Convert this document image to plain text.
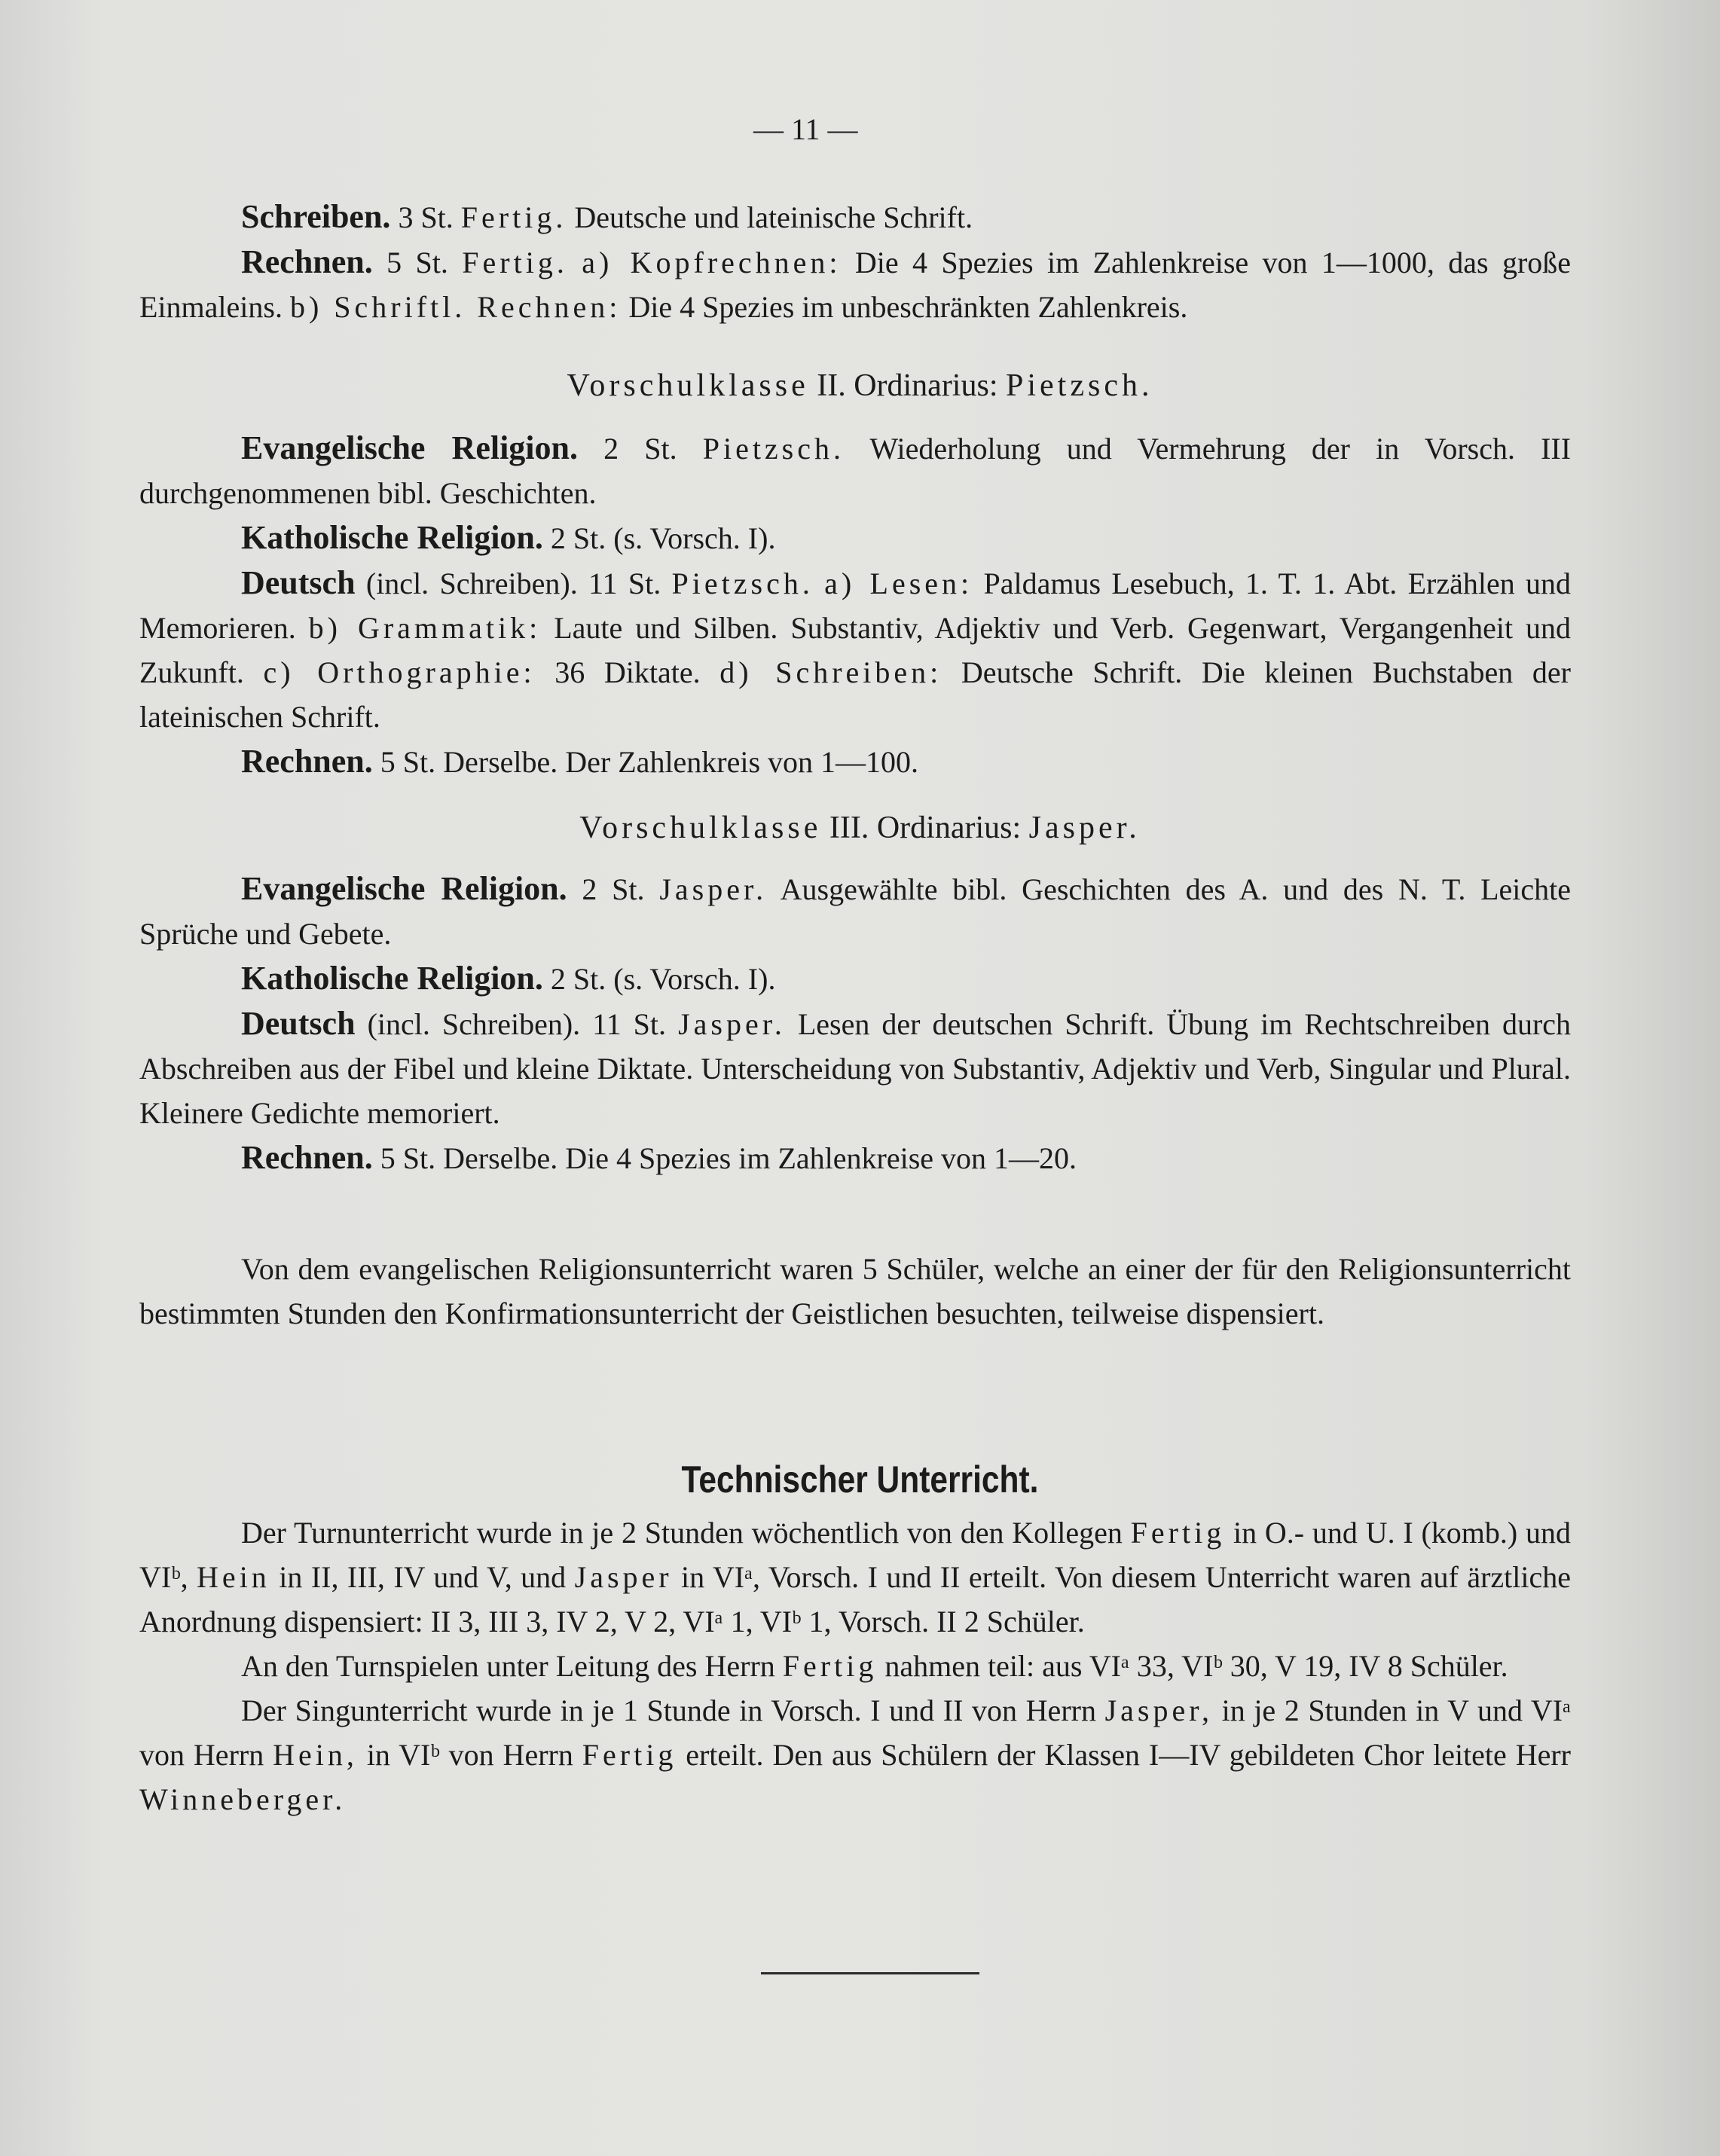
— 11 —

Schreiben. 3 St. Fertig. Deutsche und lateinische Schrift.

Rechnen. 5 St. Fertig. a) Kopfrechnen: Die 4 Spezies im Zahlenkreise von 1—1000, das große Einmaleins. b) Schriftl. Rechnen: Die 4 Spezies im unbeschränkten Zahlenkreis.

Vorschulklasse II. Ordinarius: Pietzsch.

Evangelische Religion. 2 St. Pietzsch. Wiederholung und Vermehrung der in Vorsch. III durchgenommenen bibl. Geschichten.

Katholische Religion. 2 St. (s. Vorsch. I).

Deutsch (incl. Schreiben). 11 St. Pietzsch. a) Lesen: Paldamus Lesebuch, 1. T. 1. Abt. Erzählen und Memorieren. b) Grammatik: Laute und Silben. Substantiv, Adjektiv und Verb. Gegenwart, Vergangenheit und Zukunft. c) Orthographie: 36 Diktate. d) Schreiben: Deutsche Schrift. Die kleinen Buchstaben der lateinischen Schrift.

Rechnen. 5 St. Derselbe. Der Zahlenkreis von 1—100.

Vorschulklasse III. Ordinarius: Jasper.

Evangelische Religion. 2 St. Jasper. Ausgewählte bibl. Geschichten des A. und des N. T. Leichte Sprüche und Gebete.

Katholische Religion. 2 St. (s. Vorsch. I).

Deutsch (incl. Schreiben). 11 St. Jasper. Lesen der deutschen Schrift. Übung im Rechtschreiben durch Abschreiben aus der Fibel und kleine Diktate. Unterscheidung von Substantiv, Adjektiv und Verb, Singular und Plural. Kleinere Gedichte memoriert.

Rechnen. 5 St. Derselbe. Die 4 Spezies im Zahlenkreise von 1—20.

Von dem evangelischen Religionsunterricht waren 5 Schüler, welche an einer der für den Religionsunterricht bestimmten Stunden den Konfirmationsunterricht der Geistlichen besuchten, teilweise dispensiert.

Technischer Unterricht.

Der Turnunterricht wurde in je 2 Stunden wöchentlich von den Kollegen Fertig in O.- und U. I (komb.) und VIᵇ, Hein in II, III, IV und V, und Jasper in VIᵃ, Vorsch. I und II erteilt. Von diesem Unterricht waren auf ärztliche Anordnung dispensiert: II 3, III 3, IV 2, V 2, VIᵃ 1, VIᵇ 1, Vorsch. II 2 Schüler.

An den Turnspielen unter Leitung des Herrn Fertig nahmen teil: aus VIᵃ 33, VIᵇ 30, V 19, IV 8 Schüler.

Der Singunterricht wurde in je 1 Stunde in Vorsch. I und II von Herrn Jasper, in je 2 Stunden in V und VIᵃ von Herrn Hein, in VIᵇ von Herrn Fertig erteilt. Den aus Schülern der Klassen I—IV gebildeten Chor leitete Herr Winneberger.
